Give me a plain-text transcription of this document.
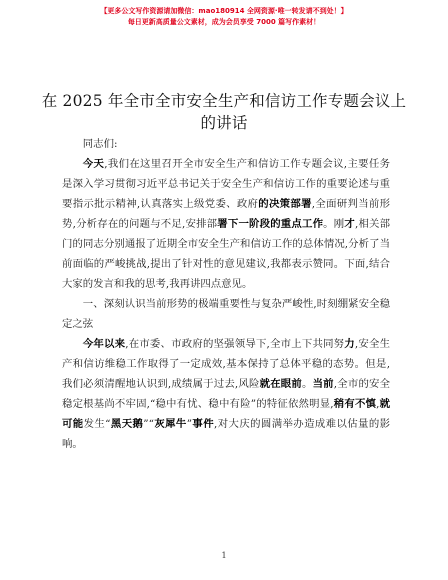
【更多公文写作资源请加微信：mao180914 全网资源·唯一转发请不到处！】
每日更新高质量公文素材，成为会员享受 7000 篇写作素材！
在 2025 年全市全市安全生产和信访工作专题会议上的讲话

同志们:

今天,我们在这里召开全市安全生产和信访工作专题会议,主要任务是深入学习贯彻习近平总书记关于安全生产和信访工作的重要论述与重要指示批示精神,认真落实上级党委、政府的决策部署,全面研判当前形势,分析存在的问题与不足,安排部署下一阶段的重点工作。刚才,相关部门的同志分别通报了近期全市安全生产和信访工作的总体情况,分析了当前面临的严峻挑战,提出了针对性的意见建议,我都表示赞同。下面,结合大家的发言和我的思考,我再讲四点意见。

一、深刻认识当前形势的极端重要性与复杂严峻性,时刻绷紧安全稳定之弦

今年以来,在市委、市政府的坚强领导下,全市上下共同努力,安全生产和信访维稳工作取得了一定成效,基本保持了总体平稳的态势。但是,我们必须清醒地认识到,成绩属于过去,风险就在眼前。当前,全市的安全稳定根基尚不牢固,“稳中有忧、稳中有险”的特征依然明显,稍有不慎,就可能发生“黑天鹅”“灰犀牛”事件,对大庆的圆满举办造成难以估量的影响。

1
